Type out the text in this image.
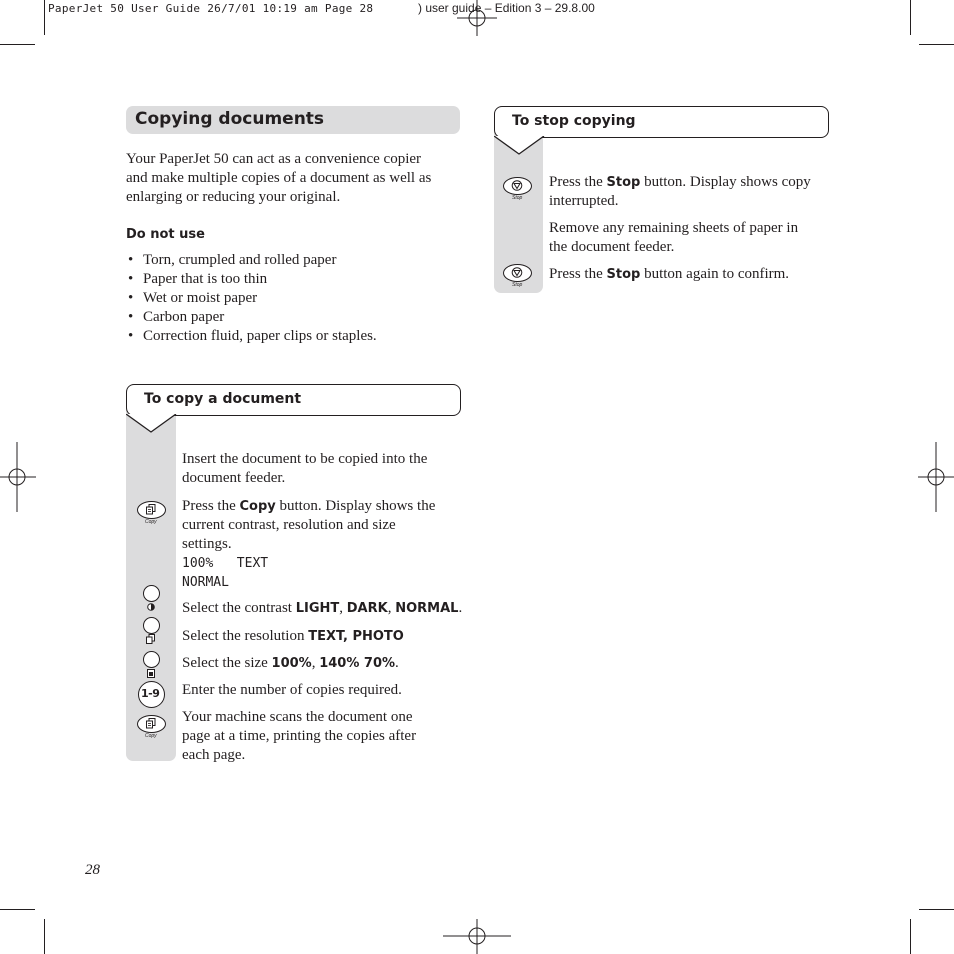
PaperJet 50 User Guide 26/7/01 10:19 am Page 28	) user guide – Edition 3 – 29.8.00
Copying documents
Your PaperJet 50 can act as a convenience copier
and make multiple copies of a document as well as
enlarging or reducing your original.
Do not use
• Torn, crumpled and rolled paper
• Paper that is too thin
• Wet or moist paper
• Carbon paper
• Correction fluid, paper clips or staples.
To copy a document
Copy
1-9
Copy
Insert the document to be copied into the
document feeder.
Press the Copy button. Display shows the
current contrast, resolution and size
settings.
100%   TEXT
NORMAL
Select the contrast LIGHT, DARK, NORMAL.
Select the resolution TEXT, PHOTO
Select the size 100%, 140% 70%.
Enter the number of copies required.
Your machine scans the document one
page at a time, printing the copies after
each page.
To stop copying
Stop
Stop
Press the Stop button. Display shows copy
interrupted.
Remove any remaining sheets of paper in
the document feeder.
Press the Stop button again to confirm.
28
